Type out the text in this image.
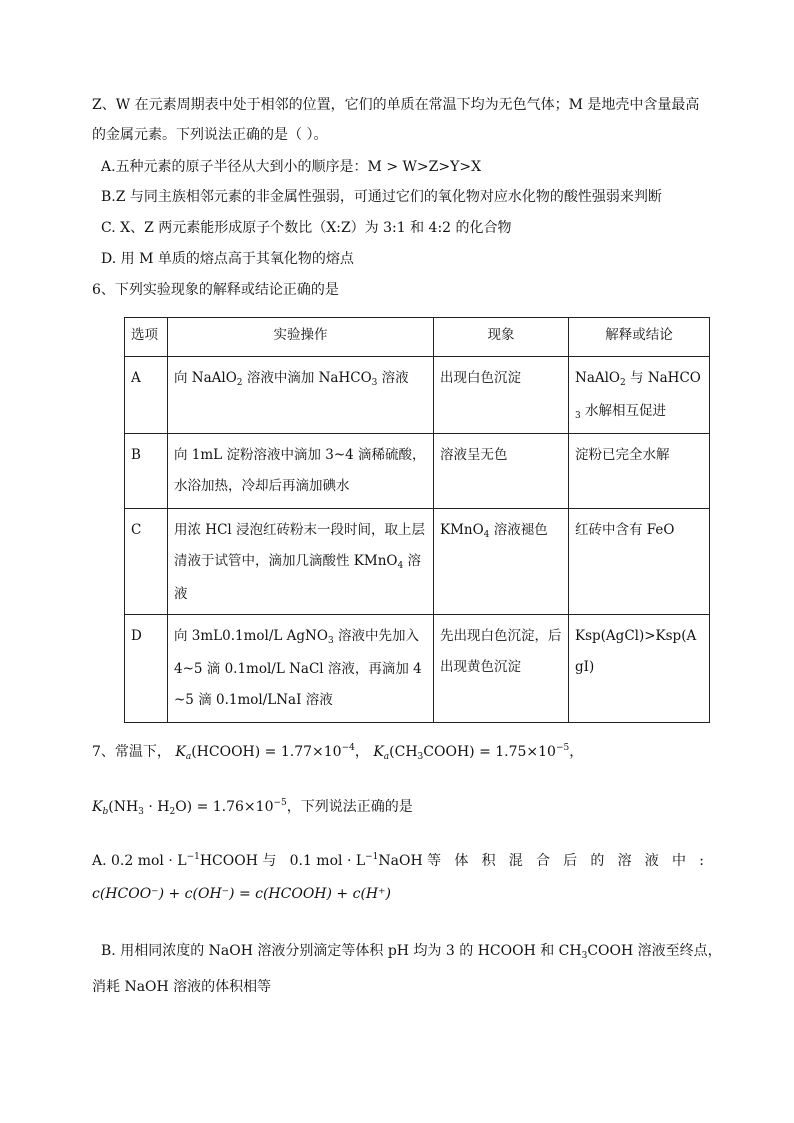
Z、W 在元素周期表中处于相邻的位置，它们的单质在常温下均为无色气体；M 是地壳中含量最高
的金属元素。下列说法正确的是（ ）。
A.五种元素的原子半径从大到小的顺序是：M > W>Z>Y>X
B.Z 与同主族相邻元素的非金属性强弱，可通过它们的氧化物对应水化物的酸性强弱来判断
C. X、Z 两元素能形成原子个数比（X:Z）为 3:1 和 4:2 的化合物
D. 用 M 单质的熔点高于其氧化物的熔点
6、下列实验现象的解释或结论正确的是
选项	实验操作	现象	解释或结论
A	向 NaAlO$_2$ 溶液中滴加 NaHCO$_3$ 溶液	出现白色沉淀	NaAlO$_2$ 与 NaHCO$_3$ 水解相互促进
B	向 1mL 淀粉溶液中滴加 3~4 滴稀硫酸，水浴加热，冷却后再滴加碘水	溶液呈无色	淀粉已完全水解
C	用浓 HCl 浸泡红砖粉末一段时间，取上层清液于试管中，滴加几滴酸性 KMnO$_4$ 溶液	KMnO$_4$ 溶液褪色	红砖中含有 FeO
D	向 3mL0.1mol/L AgNO$_3$ 溶液中先加入 4~5 滴 0.1mol/L NaCl 溶液，再滴加 4~5 滴 0.1mol/LNaI 溶液	先出现白色沉淀，后出现黄色沉淀	Ksp(AgCl)>Ksp(AgI)
7、常温下， $K_a(HCOOH) = 1.77\times 10^{-4}$， $K_a(CH_3COOH) = 1.75\times 10^{-5}$，
$K_b(NH_3 \cdot H_2O) = 1.76\times 10^{-5}$，下列说法正确的是
A. 0.2 mol · $L^{-1}HCOOH$ 与 0.1 mol · $L^{-1}NaOH$ 等 体 积 混 合 后 的 溶 液 中 :
c(HCOO⁻) + c(OH⁻) = c(HCOOH) + c(H⁺)
B. 用相同浓度的 NaOH 溶液分别滴定等体积 pH 均为 3 的 HCOOH 和 $CH_3COOH$ 溶液至终点，
消耗 NaOH 溶液的体积相等
